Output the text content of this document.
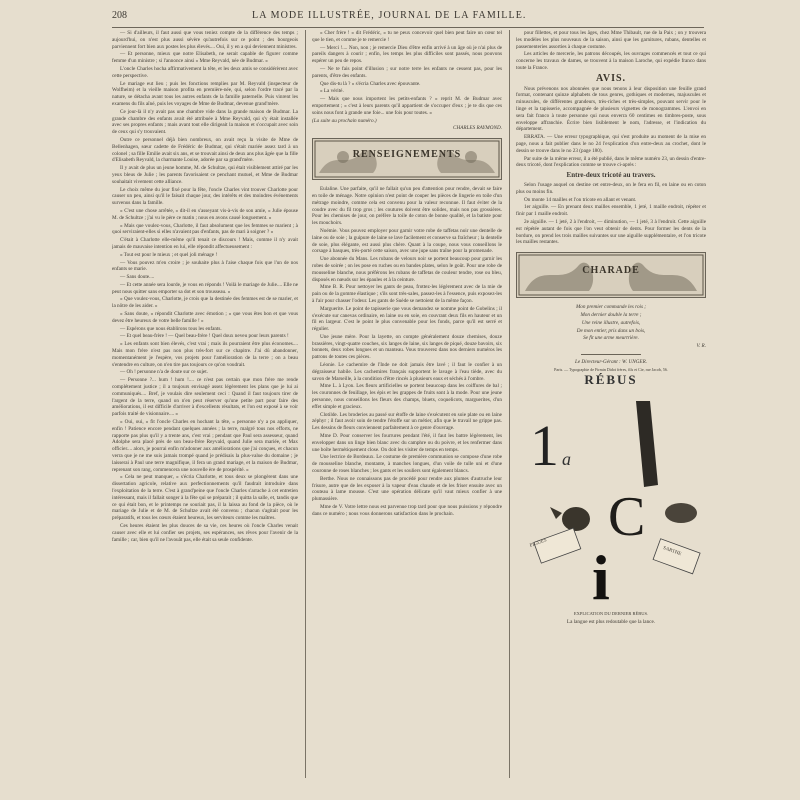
208	LA MODE ILLUSTRÉE, JOURNAL DE LA FAMILLE.

— Si d'ailleurs, il faut aussi que vous teniez compte de la différence des temps ; aujourd'hui, on n'est plus aussi sévère qu'autrefois sur ce point ; des bourgeois parviennent fort bien aux postes les plus élevés.... Oui, il y en a qui deviennent ministres.

— Et personne, mieux que notre Elisabeth, ne serait capable de figurer comme femme d'un ministre ; si l'annonce ainsi « Mme Reyvald, née de Budmar. »

L'oncle Charles hocha affirmativement la tête, et les deux amis se considérèrent avec cette perspective.

Le mariage eut lieu ; puis les fonctions remplies par M. Reyvald (inspecteur de Wolfheim) et la vieille maison profita en première-née, qui, selon l'ordre tracé par la nature, se détacha avant tous les autres enfants de la famille paternelle. Puis vinrent les examens du fils aîné, puis les voyages de Mme de Budmar, devenue grand'mère.

Ce jour-là il n'y avait pas une chambre vide dans la grande maison de Budmar. La grande chambre des enfants avait été attribuée à Mme Reyvald, qui s'y était installée avec ses propres enfants ; mais avant tout elle dirigeait la maison et s'occupait avec soin de ceux qui s'y trouvaient.

Outre ce personnel déjà bien nombreux, on avait reçu la visite de Mme de Bellenhagen, sœur cadette de Frédéric de Budmar, qui s'était mariée assez tard à un colonel ; sa fille Emilie avait six ans, et se trouvait ainsi de deux ans plus âgée que la fille d'Elisabeth Reyvald, la charmante Louise, adorée par sa grand'mère.

Il y avait de plus un jeune homme, M. de Schultze, qui était visiblement attiré par les yeux bleus de Julie ; les parents favorisaient ce penchant mutuel, et Mme de Budmar souhaitait vivement cette alliance.

Le choix même du jour fixé pour la fête, l'oncle Charles vint trouver Charlotte pour causer un peu, ainsi qu'il le faisait chaque jour, des intérêts et des moindres événements survenus dans la famille.

« C'est une chose arrêtée, » dit-il en s'asseyant vis-à-vis de son amie, « Julie épouse M. de Schultze ; j'ai vu le père ce matin ; nous en avons causé longuement. »

« Mais que voulez-vous, Charlotte, il faut absolument que les femmes se marient ; à quoi serviraient-elles si elles n'avaient pas d'enfants, pas de mari à soigner ? »

C'était à Charlotte elle-même qu'il tenait ce discours ! Mais, comme il n'y avait jamais de mauvaise intention en lui, elle répondit affectueusement :

« Tout est pour le mieux ; et quel joli ménage !

— Vous pouvez m'en croire ; je souhaite plus à l'aise chaque fois que l'un de nos enfants se marie.

— Sans doute....

— Et cette année sera lourde, je vous en réponds ! Voilà le mariage de Julie.... Elle ne peut nous quitter sans emporter sa dot et son trousseau. »

« Que voulez-vous, Charlotte, je crois que la destinée des femmes est de se marier, et la nôtre de les aider. »

« Sans doute, » répondit Charlotte avec émotion ; « que vous êtes bon et que vous devez être heureux de votre belle famille ! »

— Espérons que nous établirons tous les enfants.

— Et quel beau-frère ! — Quel beau-frère ! Quel doux neveu pour leurs parents !

« Les enfants sont bien élevés, c'est vrai ; mais ils pourraient être plus économes.... Mais mon frère n'est pas non plus très-fort sur ce chapitre. J'ai dû abandonner, momentanément je l'espère, vos projets pour l'amélioration de la terre ; on a beau s'entendre en culture, on n'en tire pas toujours ce qu'on voudrait.

— Oh ! personne n'a de doute sur ce sujet.

— Personne ?... hum ! hum !.... ce n'est pas certain que mon frère me rende complétement justice ; il a toujours envisagé assez légèrement les plans que je lui ai communiqués.... Bref, je voulais dire seulement ceci : Quand il faut toujours tirer de l'argent de la terre, quand on n'en peut réserver qu'une petite part pour faire des améliorations, il est difficile d'arriver à d'excellents résultats, et l'on est exposé à se voir parfois traité de visionnaire.... »

« Oui, oui, » fit l'oncle Charles en hochant la tête, « personne n'y a pu appliquer, enfin ! Patience encore pendant quelques années ; la terre, malgré tous nos efforts, ne rapporte pas plus qu'il y a trente ans, c'est vrai ; pendant que Paul sera assesseur, quand Adolphe sera placé près de son beau-frère Reyvald, quand Julie sera mariée, et Max officier.... alors, je pourrai enfin m'adonner aux améliorations que j'ai conçues, et chacun verra que je ne me suis jamais trompé quand je prédisais la plus-value du domaine ; je laisserai à Paul une terre magnifique, il fera un grand mariage, et la maison de Budmar, reprenant son rang, commencera une nouvelle ère de prospérité. »

« Cela ne peut manquer, » s'écria Charlotte, et tous deux se plongèrent dans une dissertation agricole, relative aux perfectionnements qu'il faudrait introduire dans l'exploitation de la terre. C'est à grand'peine que l'oncle Charles s'arrache à cet entretien intéressant, mais il fallait songer à la fête qui se préparait ; il quitta la salle, et, tandis que ce qui était bon, et le printemps ne souriait pas, il la laissa au fond de la pièce, où le mariage de Julie et de M. de Schultze avait été convenu ; chacun s'agitait pour les préparatifs, et tous les cœurs étaient heureux, les serviteurs comme les maîtres.

Ces heures étaient les plus douces de sa vie, ces heures où l'oncle Charles venait causer avec elle et lui confier ses projets, ses espérances, ses rêves pour l'avenir de la famille ; car, bien qu'il ne l'avouât pas, elle était sa seule confidente.

« Cher frère ! » dit Frédéric, « tu ne peux concevoir quel bien peut faire un cœur tel que le tien, et comme je te remercie !

— Merci !.... Non, non ; je remercie Dieu d'être enfin arrivé à un âge où je n'ai plus de pareils dangers à courir ; enfin, les temps les plus difficiles sont passés, nous pouvons espérer un peu de repos.

— Ne te fais point d'illusion ; sur notre terre les enfants ne cessent pas, pour les parents, d'être des enfants.

Que dis-tu là ? » s'écria Charles avec épouvante.

« La vérité.

— Mais que nous importent les petits-enfants ? » reprit M. de Budmar avec emportement ; « c'est à leurs parents qu'il appartient de s'occuper d'eux ; je te dis que ces soins nous font à grande une foie... une fois pour toutes. »

(La suite au prochain numéro.)

CHARLES RAYMOND.

RENSEIGNEMENTS

Eulaline. Une parfaite, qu'il ne fallait qu'un peu d'attention pour rendre, devait se faire en toile de ménage. Notre opinion n'est point de couper les pièces de lingerie en toile d'un métrage moindre, comme cela est convenu pour la valeur reconnue. Il faut éviter de la coudre avec du fil trop gros ; les coutures doivent être solides, mais non pas grossières. Pour les chemises de jour, on préfère la toile de coton de bonne qualité, et la batiste pour les mouchoirs.

Noémie. Vous pouvez employer pour garnir votre robe de taffetas noir une dentelle de laine ou de soie ; la guipure de laine se lave facilement et conserve sa fraîcheur ; la dentelle de soie, plus élégante, est aussi plus chère. Quant à la coupe, nous vous conseillons le corsage à basques, très-porté cette saison, avec une jupe sans traîne pour la promenade.

Une abonnée du Mans. Les rubans de velours noir se portent beaucoup pour garnir les robes de soirée ; on les pose en ruches ou en bandes plates, selon le goût. Pour une robe de mousseline blanche, nous préférons les rubans de taffetas de couleur tendre, rose ou bleu, disposés en nœuds sur les épaules et à la ceinture.

Mme B. R. Pour nettoyer les gants de peau, frottez-les légèrement avec de la mie de pain ou de la gomme élastique ; s'ils sont très-sales, passez-les à l'essence, puis exposez-les à l'air pour chasser l'odeur. Les gants de Suède se nettoient de la même façon.

Marguerite. Le point de tapisserie que vous demandez se nomme point de Gobelins ; il s'exécute sur canevas ordinaire, en laine ou en soie, en couvrant deux fils en hauteur et un fil en largeur. C'est le point le plus convenable pour les fonds, parce qu'il est serré et régulier.

Une jeune mère. Pour la layette, on compte généralement douze chemises, douze brassières, vingt-quatre couches, six langes de laine, six langes de piqué, douze bavoirs, six bonnets, deux robes longues et un manteau. Vous trouverez dans nos derniers numéros les patrons de toutes ces pièces.

Léonie. Le cachemire de l'Inde ne doit jamais être lavé ; il faut le confier à un dégraisseur habile. Les cachemires français supportent le lavage à l'eau tiède, avec du savon de Marseille, à la condition d'être rincés à plusieurs eaux et séchés à l'ombre.

Mme L. à Lyon. Les fleurs artificielles se portent beaucoup dans les coiffures de bal ; les couronnes de feuillage, les épis et les grappes de fruits sont à la mode. Pour une jeune personne, nous conseillons les fleurs des champs, bluets, coquelicots, marguerites, d'un effet simple et gracieux.

Clotilde. Les broderies au passé sur étoffe de laine s'exécutent en soie plate ou en laine zéphyr ; il faut avoir soin de tendre l'étoffe sur un métier, afin que le travail ne grippe pas. Les dessins de fleurs conviennent parfaitement à ce genre d'ouvrage.

Mme D. Pour conserver les fourrures pendant l'été, il faut les battre légèrement, les envelopper dans un linge bien blanc avec du camphre ou du poivre, et les renfermer dans une boîte hermétiquement close. On doit les visiter de temps en temps.

Une lectrice de Bordeaux. Le costume de première communion se compose d'une robe de mousseline blanche, montante, à manches longues, d'un voile de tulle uni et d'une couronne de roses blanches ; les gants et les souliers sont également blancs.

Berthe. Nous ne connaissons pas de procédé pour rendre aux plumes d'autruche leur frisure, autre que de les exposer à la vapeur d'eau chaude et de les friser ensuite avec un couteau à lame mousse. C'est une opération délicate qu'il vaut mieux confier à une plumassière.

Mme de V. Votre lettre nous est parvenue trop tard pour que nous puissions y répondre dans ce numéro ; nous vous donnerons satisfaction dans le prochain.

pour fillettes, et pour tous les âges, chez Mme Thibault, rue de la Paix ; on y trouvera les modèles les plus nouveaux de la saison, ainsi que les garnitures, rubans, dentelles et passementeries assorties à chaque costume.

Les articles de mercerie, les patrons découpés, les ouvrages commencés et tout ce qui concerne les travaux de dames, se trouvent à la maison Laroche, qui expédie franco dans toute la France.

AVIS.

Nous prévenons nos abonnées que nous tenons à leur disposition une feuille grand format, contenant quinze alphabets de tous genres, gothiques et modernes, majuscules et minuscules, de différentes grandeurs, très-riches et très-simples, pouvant servir pour le linge et la tapisserie, accompagnée de plusieurs vignettes de monogrammes. L'envoi en sera fait franco à toute personne qui nous enverra 60 centimes en timbres-poste, sous enveloppe affranchie. Écrire bien lisiblement le nom, l'adresse, et l'indication du département.

ERRATA. — Une erreur typographique, qui s'est produite au moment de la mise en page, nous a fait publier dans le no 24 l'explication d'un entre-deux au crochet, dont le dessin se trouve dans le no 23 (page 180).

Par suite de la même erreur, il a été publié, dans le même numéro 23, un dessin d'entre-deux tricoté, dont l'explication comme se trouve ci-après :

Entre-deux tricoté au travers.

Selon l'usage auquel on destine cet entre-deux, on le fera en fil, en laine ou en coton plus ou moins fin.

On monte 14 mailles et l'on tricote en allant et venant.

1er aiguille. — En prenant deux mailles ensemble, 1 jeté, 1 maille endroit, répéter et finir par 1 maille endroit.

2e aiguille. — 1 jeté, 2 à l'endroit, — diminution, — 1 jeté, 3 à l'endroit. Cette aiguille est répétée autant de fois que l'on veut obtenir de dents. Pour former les dents de la bordure, on prend les trois mailles suivantes sur une aiguille supplémentaire, et l'on tricote les mailles restantes.

CHARADE

Mon premier commande les rois ;

Mon dernier double la terre ;

Une reine illustre, autrefois,

De mon entier, pris dans un bois,

Se fit une arme meurtrière.

V. R.

Le Directeur-Gérant : W. UNGER.

Paris. — Typographie de Firmin Didot frères, fils et Cie, rue Jacob, 56.

RÉBUS
1 a
C
i
FIGUES
SARTHE

EXPLICATION DU DERNIER RÉBUS.

La langue est plus redoutable que la lance.
